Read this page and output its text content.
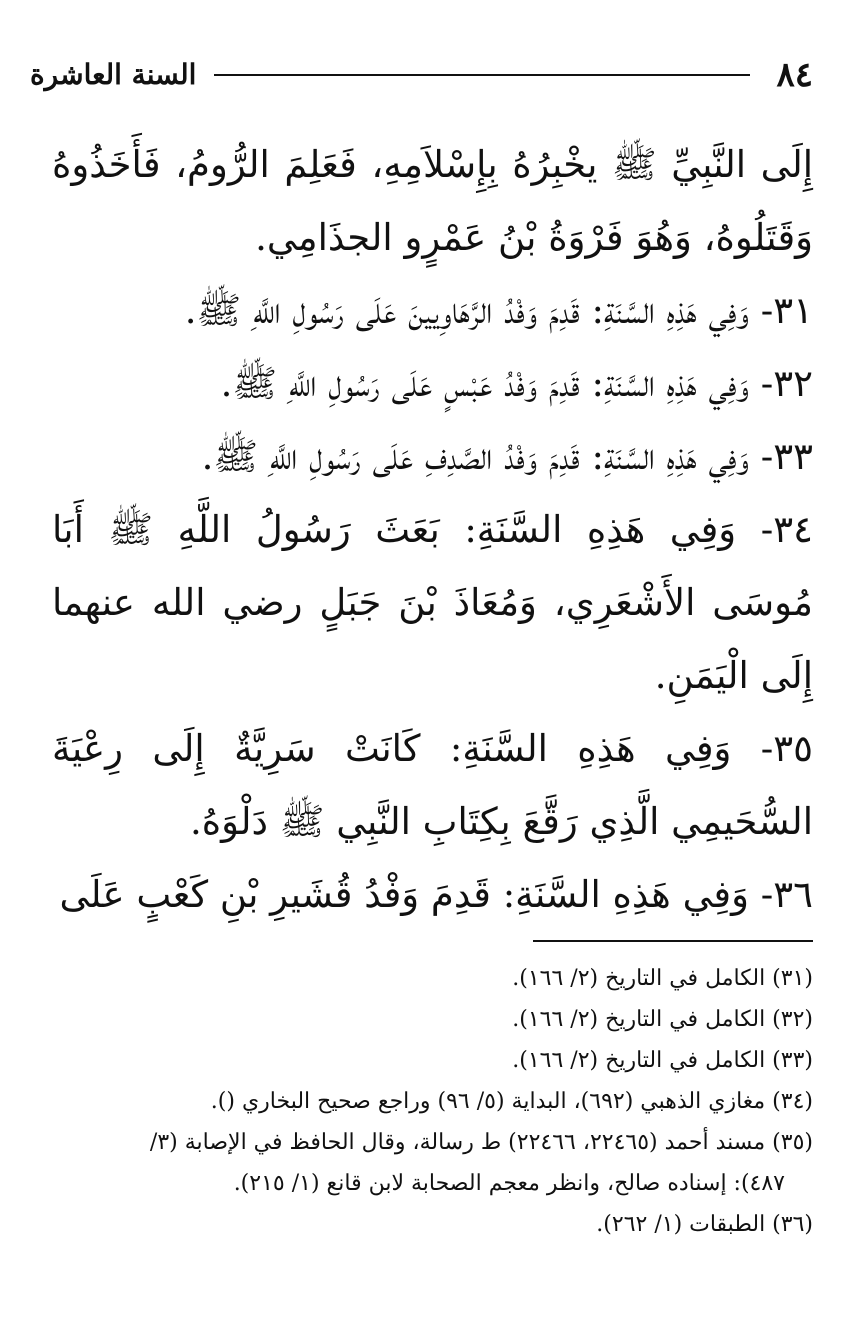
٨٤
السنة العاشرة

إِلَى النَّبِيِّ ﷺ يخْبِرُهُ بِإِسْلاَمِهِ، فَعَلِمَ الرُّومُ، فَأَخَذُوهُ وَقَتَلُوهُ، وَهُوَ فَرْوَةُ بْنُ عَمْرٍو الجذَامِي.

٣١- وَفِي هَذِهِ السَّنَةِ: قَدِمَ وَفْدُ الرَّهَاوِيينَ عَلَى رَسُولِ اللَّهِ ﷺ.

٣٢- وَفِي هَذِهِ السَّنَةِ: قَدِمَ وَفْدُ عَبْسٍ عَلَى رَسُولِ اللَّهِ ﷺ.

٣٣- وَفِي هَذِهِ السَّنَةِ: قَدِمَ وَفْدُ الصَّدِفِ عَلَى رَسُولِ اللَّهِ ﷺ.

٣٤- وَفِي هَذِهِ السَّنَةِ: بَعَثَ رَسُولُ اللَّهِ ﷺ أَبَا مُوسَى الأَشْعَرِي، وَمُعَاذَ بْنَ جَبَلٍ رضي الله عنهما إِلَى الْيَمَنِ.

٣٥- وَفِي هَذِهِ السَّنَةِ: كَانَتْ سَرِيَّةٌ إِلَى رِعْيَةَ السُّحَيمِي الَّذِي رَقَّعَ بِكِتَابِ النَّبِي ﷺ دَلْوَهُ.

٣٦- وَفِي هَذِهِ السَّنَةِ: قَدِمَ وَفْدُ قُشَيرِ بْنِ كَعْبٍ عَلَى

(٣١) الكامل في التاريخ (٢/ ١٦٦).

(٣٢) الكامل في التاريخ (٢/ ١٦٦).

(٣٣) الكامل في التاريخ (٢/ ١٦٦).

(٣٤) مغازي الذهبي (٦٩٢)، البداية (٥/ ٩٦) وراجع صحيح البخاري ().

(٣٥) مسند أحمد (٢٢٤٦٥، ٢٢٤٦٦) ط رسالة، وقال الحافظ في الإصابة (٣/

٤٨٧): إسناده صالح، وانظر معجم الصحابة لابن قانع (١/ ٢١٥).

(٣٦) الطبقات (١/ ٢٦٢).
